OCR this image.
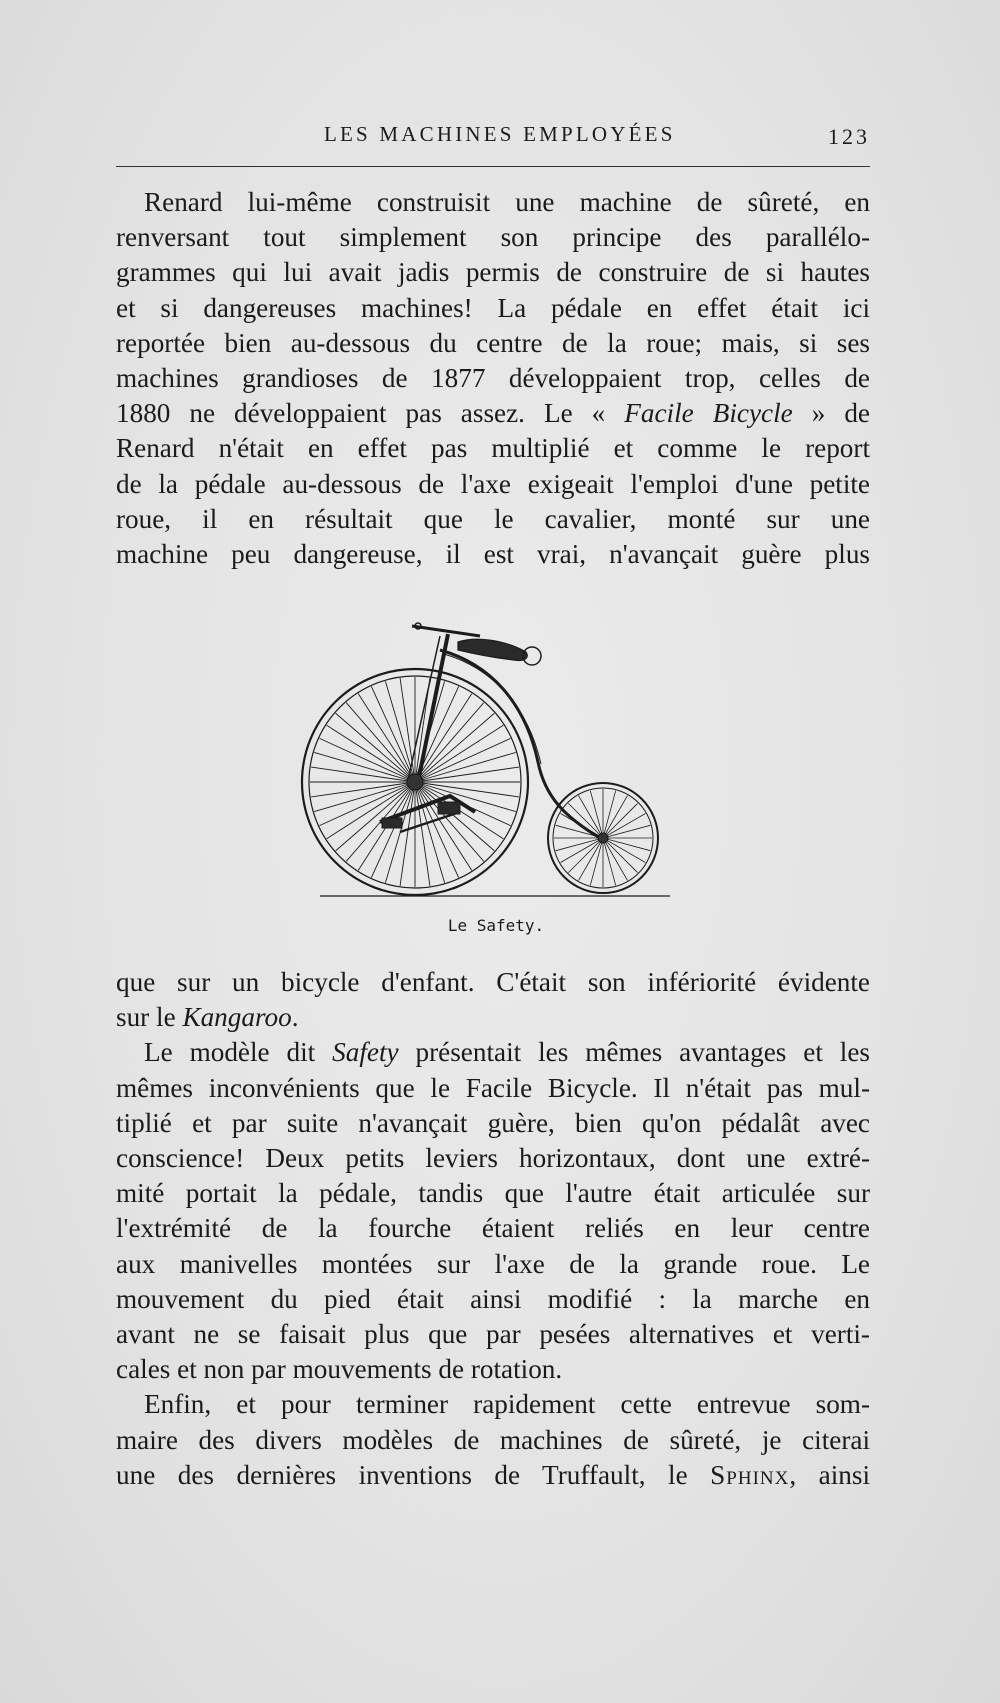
LES MACHINES EMPLOYÉES	123
Renard lui-même construisit une machine de sûreté, en
renversant tout simplement son principe des parallélo-
grammes qui lui avait jadis permis de construire de si hautes
et si dangereuses machines! La pédale en effet était ici
reportée bien au-dessous du centre de la roue; mais, si ses
machines grandioses de 1877 développaient trop, celles de
1880 ne développaient pas assez. Le « Facile Bicycle » de
Renard n'était en effet pas multiplié et comme le report
de la pédale au-dessous de l'axe exigeait l'emploi d'une petite
roue, il en résultait que le cavalier, monté sur une
machine peu dangereuse, il est vrai, n'avançait guère plus
Le Safety.
que sur un bicycle d'enfant. C'était son infériorité évidente
sur le Kangaroo.
Le modèle dit Safety présentait les mêmes avantages et les
mêmes inconvénients que le Facile Bicycle. Il n'était pas mul-
tiplié et par suite n'avançait guère, bien qu'on pédalât avec
conscience! Deux petits leviers horizontaux, dont une extré-
mité portait la pédale, tandis que l'autre était articulée sur
l'extrémité de la fourche étaient reliés en leur centre
aux manivelles montées sur l'axe de la grande roue. Le
mouvement du pied était ainsi modifié : la marche en
avant ne se faisait plus que par pesées alternatives et verti-
cales et non par mouvements de rotation.
Enfin, et pour terminer rapidement cette entrevue som-
maire des divers modèles de machines de sûreté, je citerai
une des dernières inventions de Truffault, le Sphinx, ainsi
